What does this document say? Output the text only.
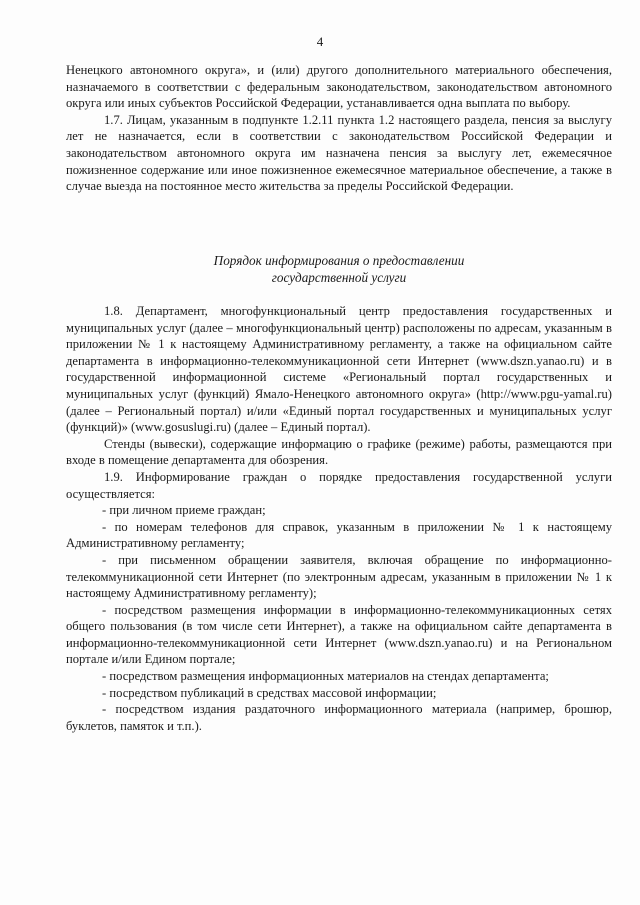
4

Ненецкого автономного округа», и (или) другого дополнительного материального обеспечения, назначаемого в соответствии с федеральным законодательством, законодательством автономного округа или иных субъектов Российской Федерации, устанавливается одна выплата по выбору.

1.7. Лицам, указанным в подпункте 1.2.11 пункта 1.2 настоящего раздела, пенсия за выслугу лет не назначается, если в соответствии с законодательством Российской Федерации и законодательством автономного округа им назначена пенсия за выслугу лет, ежемесячное пожизненное содержание или иное пожизненное ежемесячное материальное обеспечение, а также в случае выезда на постоянное место жительства за пределы Российской Федерации.

Порядок информирования о предоставлении
государственной услуги

1.8. Департамент, многофункциональный центр предоставления государственных и муниципальных услуг (далее – многофункциональный центр) расположены по адресам, указанным в приложении № 1 к настоящему Административному регламенту, а также на официальном сайте департамента в информационно-телекоммуникационной сети Интернет (www.dszn.yanao.ru) и в государственной информационной системе «Региональный портал государственных и муниципальных услуг (функций) Ямало-Ненецкого автономного округа» (http://www.pgu-yamal.ru) (далее – Региональный портал) и/или «Единый портал государственных и муниципальных услуг (функций)» (www.gosuslugi.ru) (далее – Единый портал).

Стенды (вывески), содержащие информацию о графике (режиме) работы, размещаются при входе в помещение департамента для обозрения.

1.9. Информирование граждан о порядке предоставления государственной услуги осуществляется:

- при личном приеме граждан;

- по номерам телефонов для справок, указанным в приложении № 1 к настоящему Административному регламенту;

- при письменном обращении заявителя, включая обращение по информационно-телекоммуникационной сети Интернет (по электронным адресам, указанным в приложении № 1 к настоящему Административному регламенту);

- посредством размещения информации в информационно-телекоммуникационных сетях общего пользования (в том числе сети Интернет), а также на официальном сайте департамента в информационно-телекоммуникационной сети Интернет (www.dszn.yanao.ru) и на Региональном портале и/или Едином портале;

- посредством размещения информационных материалов на стендах департамента;

- посредством публикаций в средствах массовой информации;

- посредством издания раздаточного информационного материала (например, брошюр, буклетов, памяток и т.п.).
